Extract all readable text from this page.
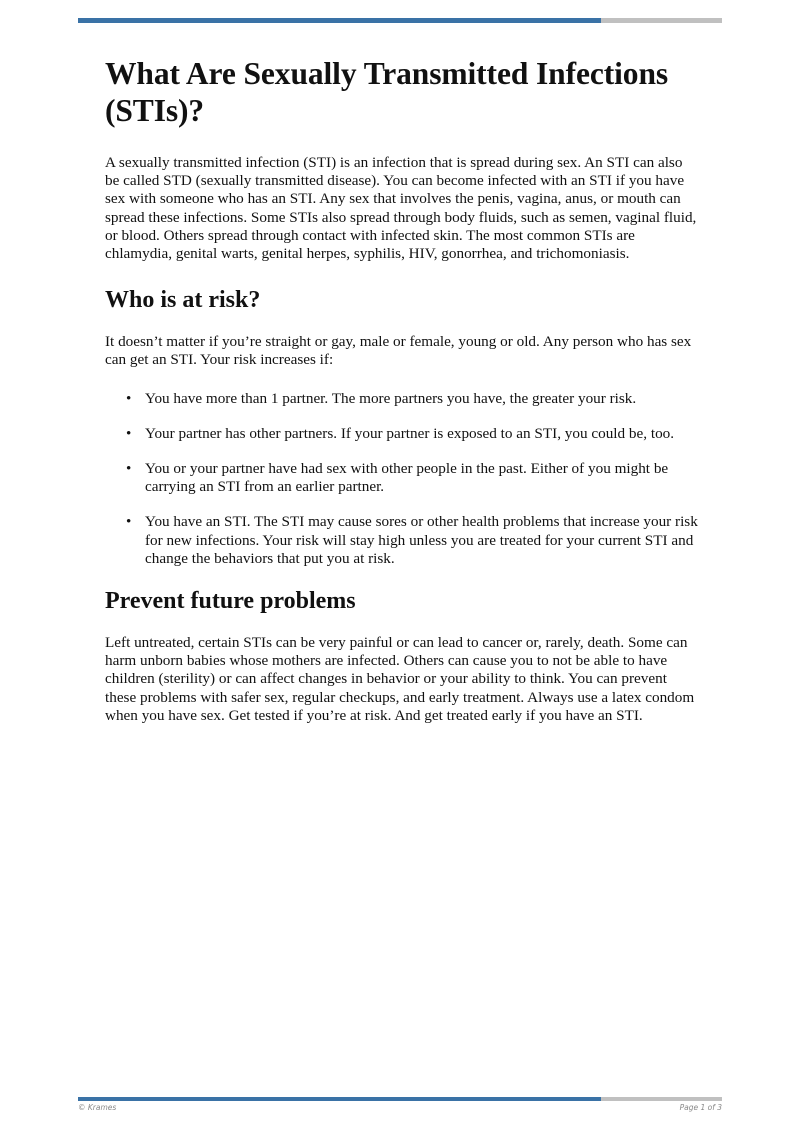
What Are Sexually Transmitted Infections (STIs)?

A sexually transmitted infection (STI) is an infection that is spread during sex. An STI can also be called STD (sexually transmitted disease). You can become infected with an STI if you have sex with someone who has an STI. Any sex that involves the penis, vagina, anus, or mouth can spread these infections. Some STIs also spread through body fluids, such as semen, vaginal fluid, or blood. Others spread through contact with infected skin. The most common STIs are chlamydia, genital warts, genital herpes, syphilis, HIV, gonorrhea, and trichomoniasis.

Who is at risk?

It doesn’t matter if you’re straight or gay, male or female, young or old. Any person who has sex can get an STI. Your risk increases if:

• You have more than 1 partner. The more partners you have, the greater your risk.
• Your partner has other partners. If your partner is exposed to an STI, you could be, too.
• You or your partner have had sex with other people in the past. Either of you might be carrying an STI from an earlier partner.
• You have an STI. The STI may cause sores or other health problems that increase your risk for new infections. Your risk will stay high unless you are treated for your current STI and change the behaviors that put you at risk.
Prevent future problems

Left untreated, certain STIs can be very painful or can lead to cancer or, rarely, death. Some can harm unborn babies whose mothers are infected. Others can cause you to not be able to have children (sterility) or can affect changes in behavior or your ability to think. You can prevent these problems with safer sex, regular checkups, and early treatment. Always use a latex condom when you have sex. Get tested if you’re at risk. And get treated early if you have an STI.

© Krames	Page 1 of 3
